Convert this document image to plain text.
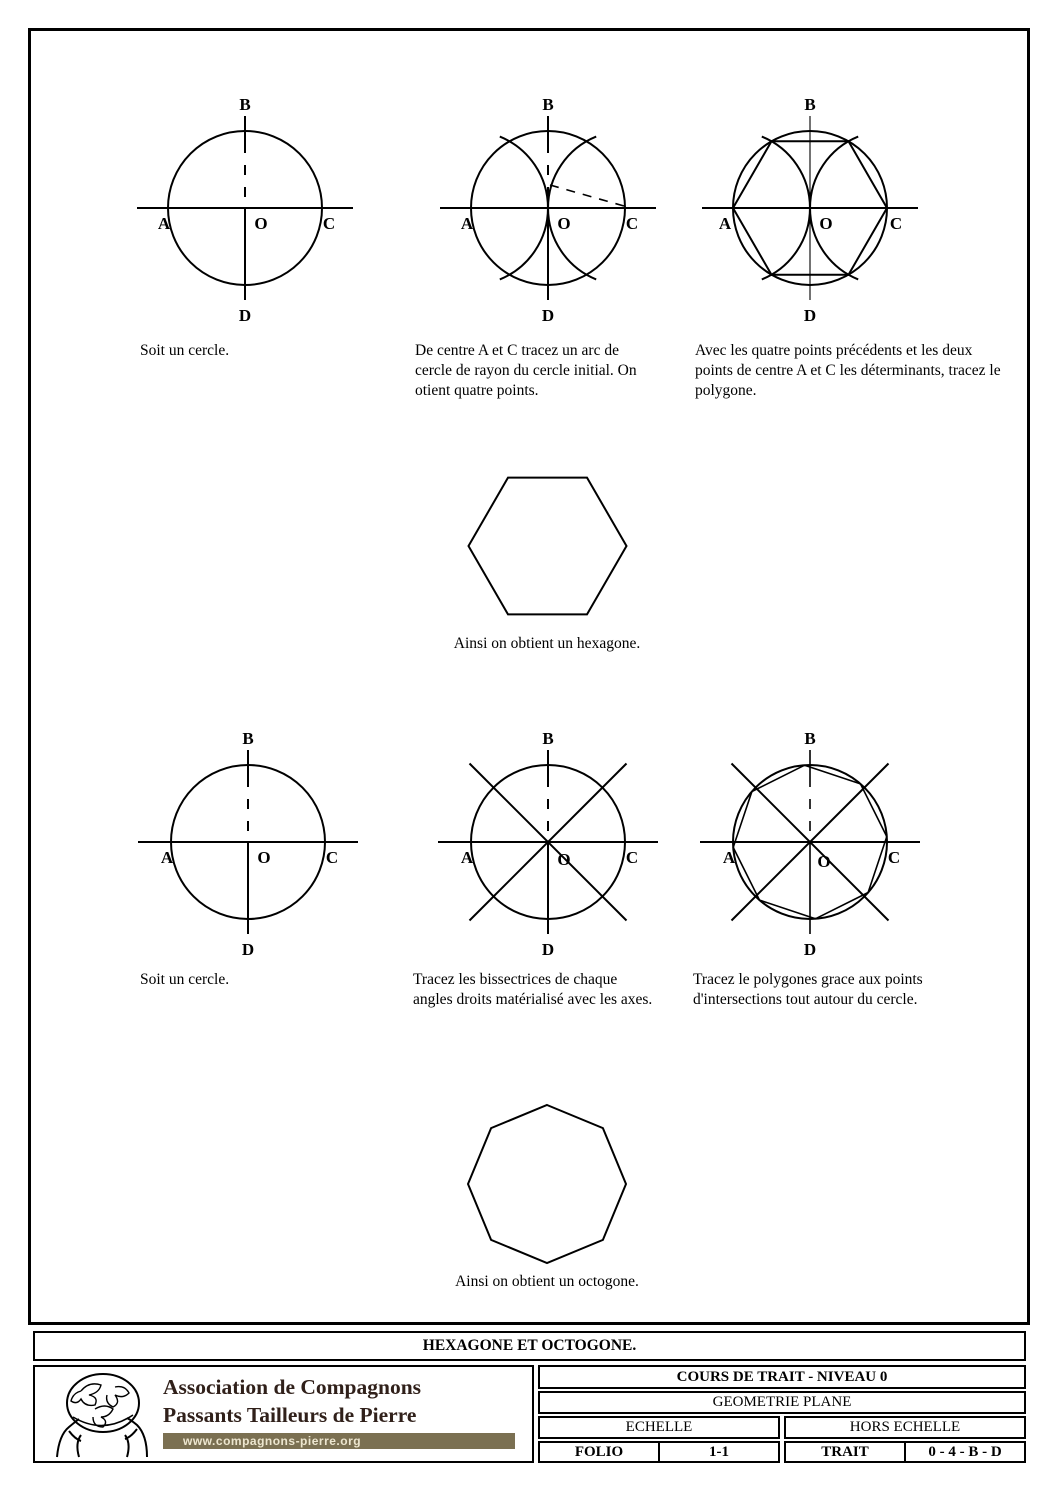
B
A	C
O
D
B
A	C
O
D
B
A	C
O
D
Soit un cercle.	De centre A et C tracez un arc de cercle de rayon du cercle initial. On otient quatre points.
Avec les quatre points précédents et les deux points de centre A et C les déterminants, tracez le polygone.
Ainsi on obtient un hexagone.
B
A	C
O
D
B
A	C
O
D
B
A	C
O
D
Soit un cercle.	Tracez les bissectrices de chaque angles droits matérialisé avec les axes.
Tracez le polygones grace aux points d'intersections tout autour du cercle.
Ainsi on obtient un octogone.
HEXAGONE ET OCTOGONE.
Association de Compagnons
Passants Tailleurs de Pierre
www.compagnons-pierre.org
COURS DE TRAIT - NIVEAU 0
GEOMETRIE PLANE
ECHELLE	HORS ECHELLE
FOLIO	1-1	TRAIT	0 - 4 - B - D
